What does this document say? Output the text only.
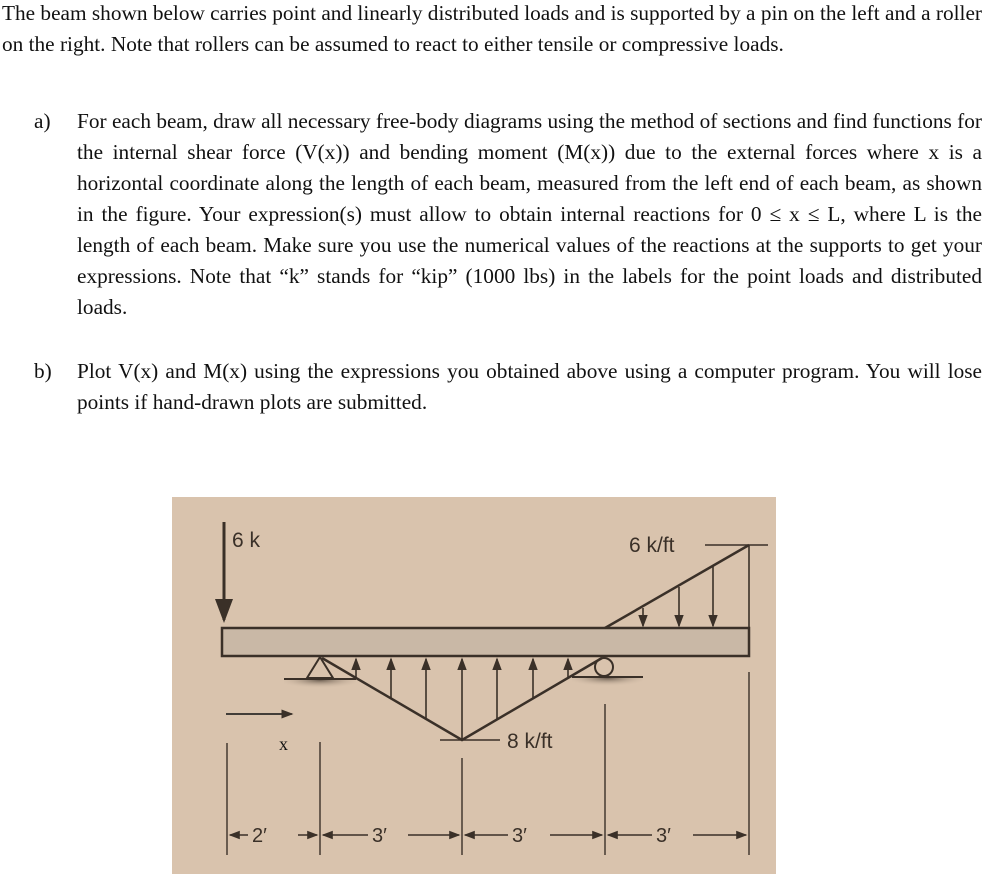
The beam shown below carries point and linearly distributed loads and is supported by a pin on the left and a roller on the right. Note that rollers can be assumed to react to either tensile or compressive loads.
a) For each beam, draw all necessary free-body diagrams using the method of sections and find functions for the internal shear force (V(x)) and bending moment (M(x)) due to the external forces where x is a horizontal coordinate along the length of each beam, measured from the left end of each beam, as shown in the figure. Your expression(s) must allow to obtain internal reactions for 0 ≤ x ≤ L, where L is the length of each beam. Make sure you use the numerical values of the reactions at the supports to get your expressions. Note that “k” stands for “kip” (1000 lbs) in the labels for the point loads and distributed loads.
b) Plot V(x) and M(x) using the expressions you obtained above using a computer program. You will lose points if hand-drawn plots are submitted.
6 k	6 k/ft
8 k/ft
x
2′	3′	3′	3′
